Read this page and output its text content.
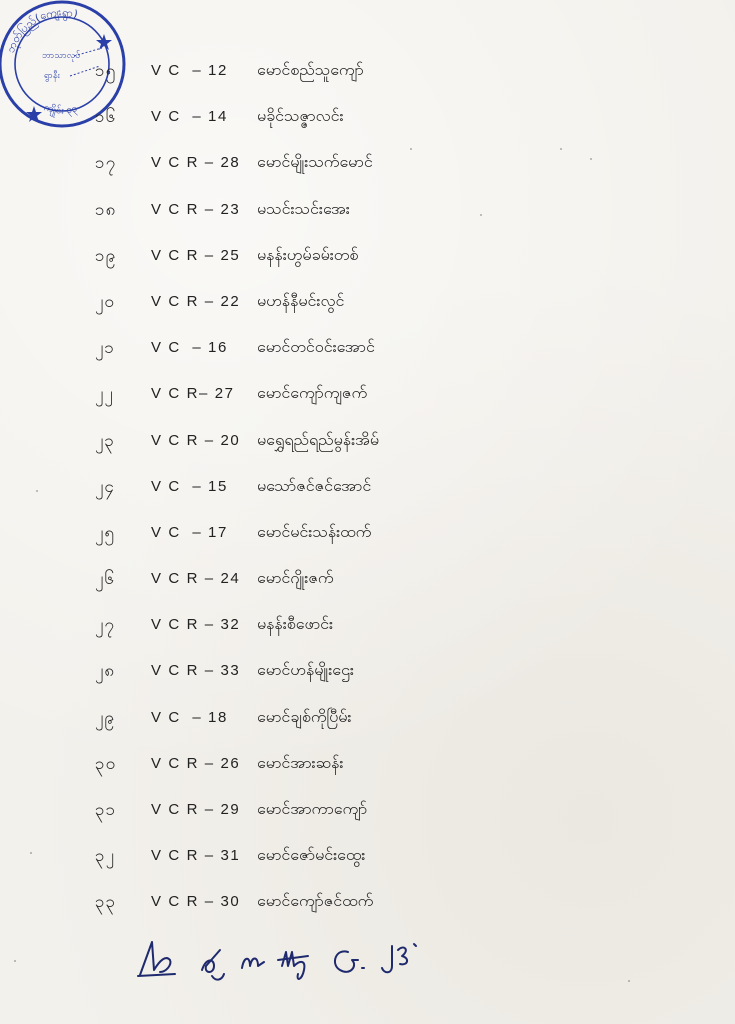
ဘုတ်ပြည်(ကျေးရွာ)
ကျိုင်း ၃၃
ဘာသာလုပ်
ရွာနီး ၁၅	V C  – 12 မောင်စည်သူကျော်
၁၆	V C  – 14 မခိုင်သဇ္ဇာလင်း
၁၇	V C R – 28 မောင်မျိုးသက်မောင်
၁၈	V C R – 23 မသင်းသင်းအေး
၁၉	V C R – 25 မနန်းဟွမ်ခမ်းတစ်
၂၀	V C R – 22 မဟန်နီမင်းလွင်
၂၁	V C  – 16 မောင်တင်ဝင်းအောင်
၂၂	V C R– 27 မောင်ကျော်ကျဇက်
၂၃	V C R – 20 မရွှေရည်ရည်မွန်းအိမ်
၂၄	V C  – 15 မသော်ဇင်ဇင်အောင်
၂၅	V C  – 17 မောင်မင်းသန်းထက်
၂၆	V C R – 24 မောင်ဂျိုးဇက်
၂၇	V C R – 32 မနန်းစီဖောင်း
၂၈	V C R – 33 မောင်ဟန်မျိုးဌေး
၂၉	V C  – 18 မောင်ချစ်ကိုပြီမ်း
၃၀	V C R – 26 မောင်အားဆန်း
၃၁	V C R – 29 မောင်အာကာကျော်
၃၂	V C R – 31 မောင်ဇော်မင်းထွေး
၃၃	V C R – 30 မောင်ကျော်ဇင်ထက်
